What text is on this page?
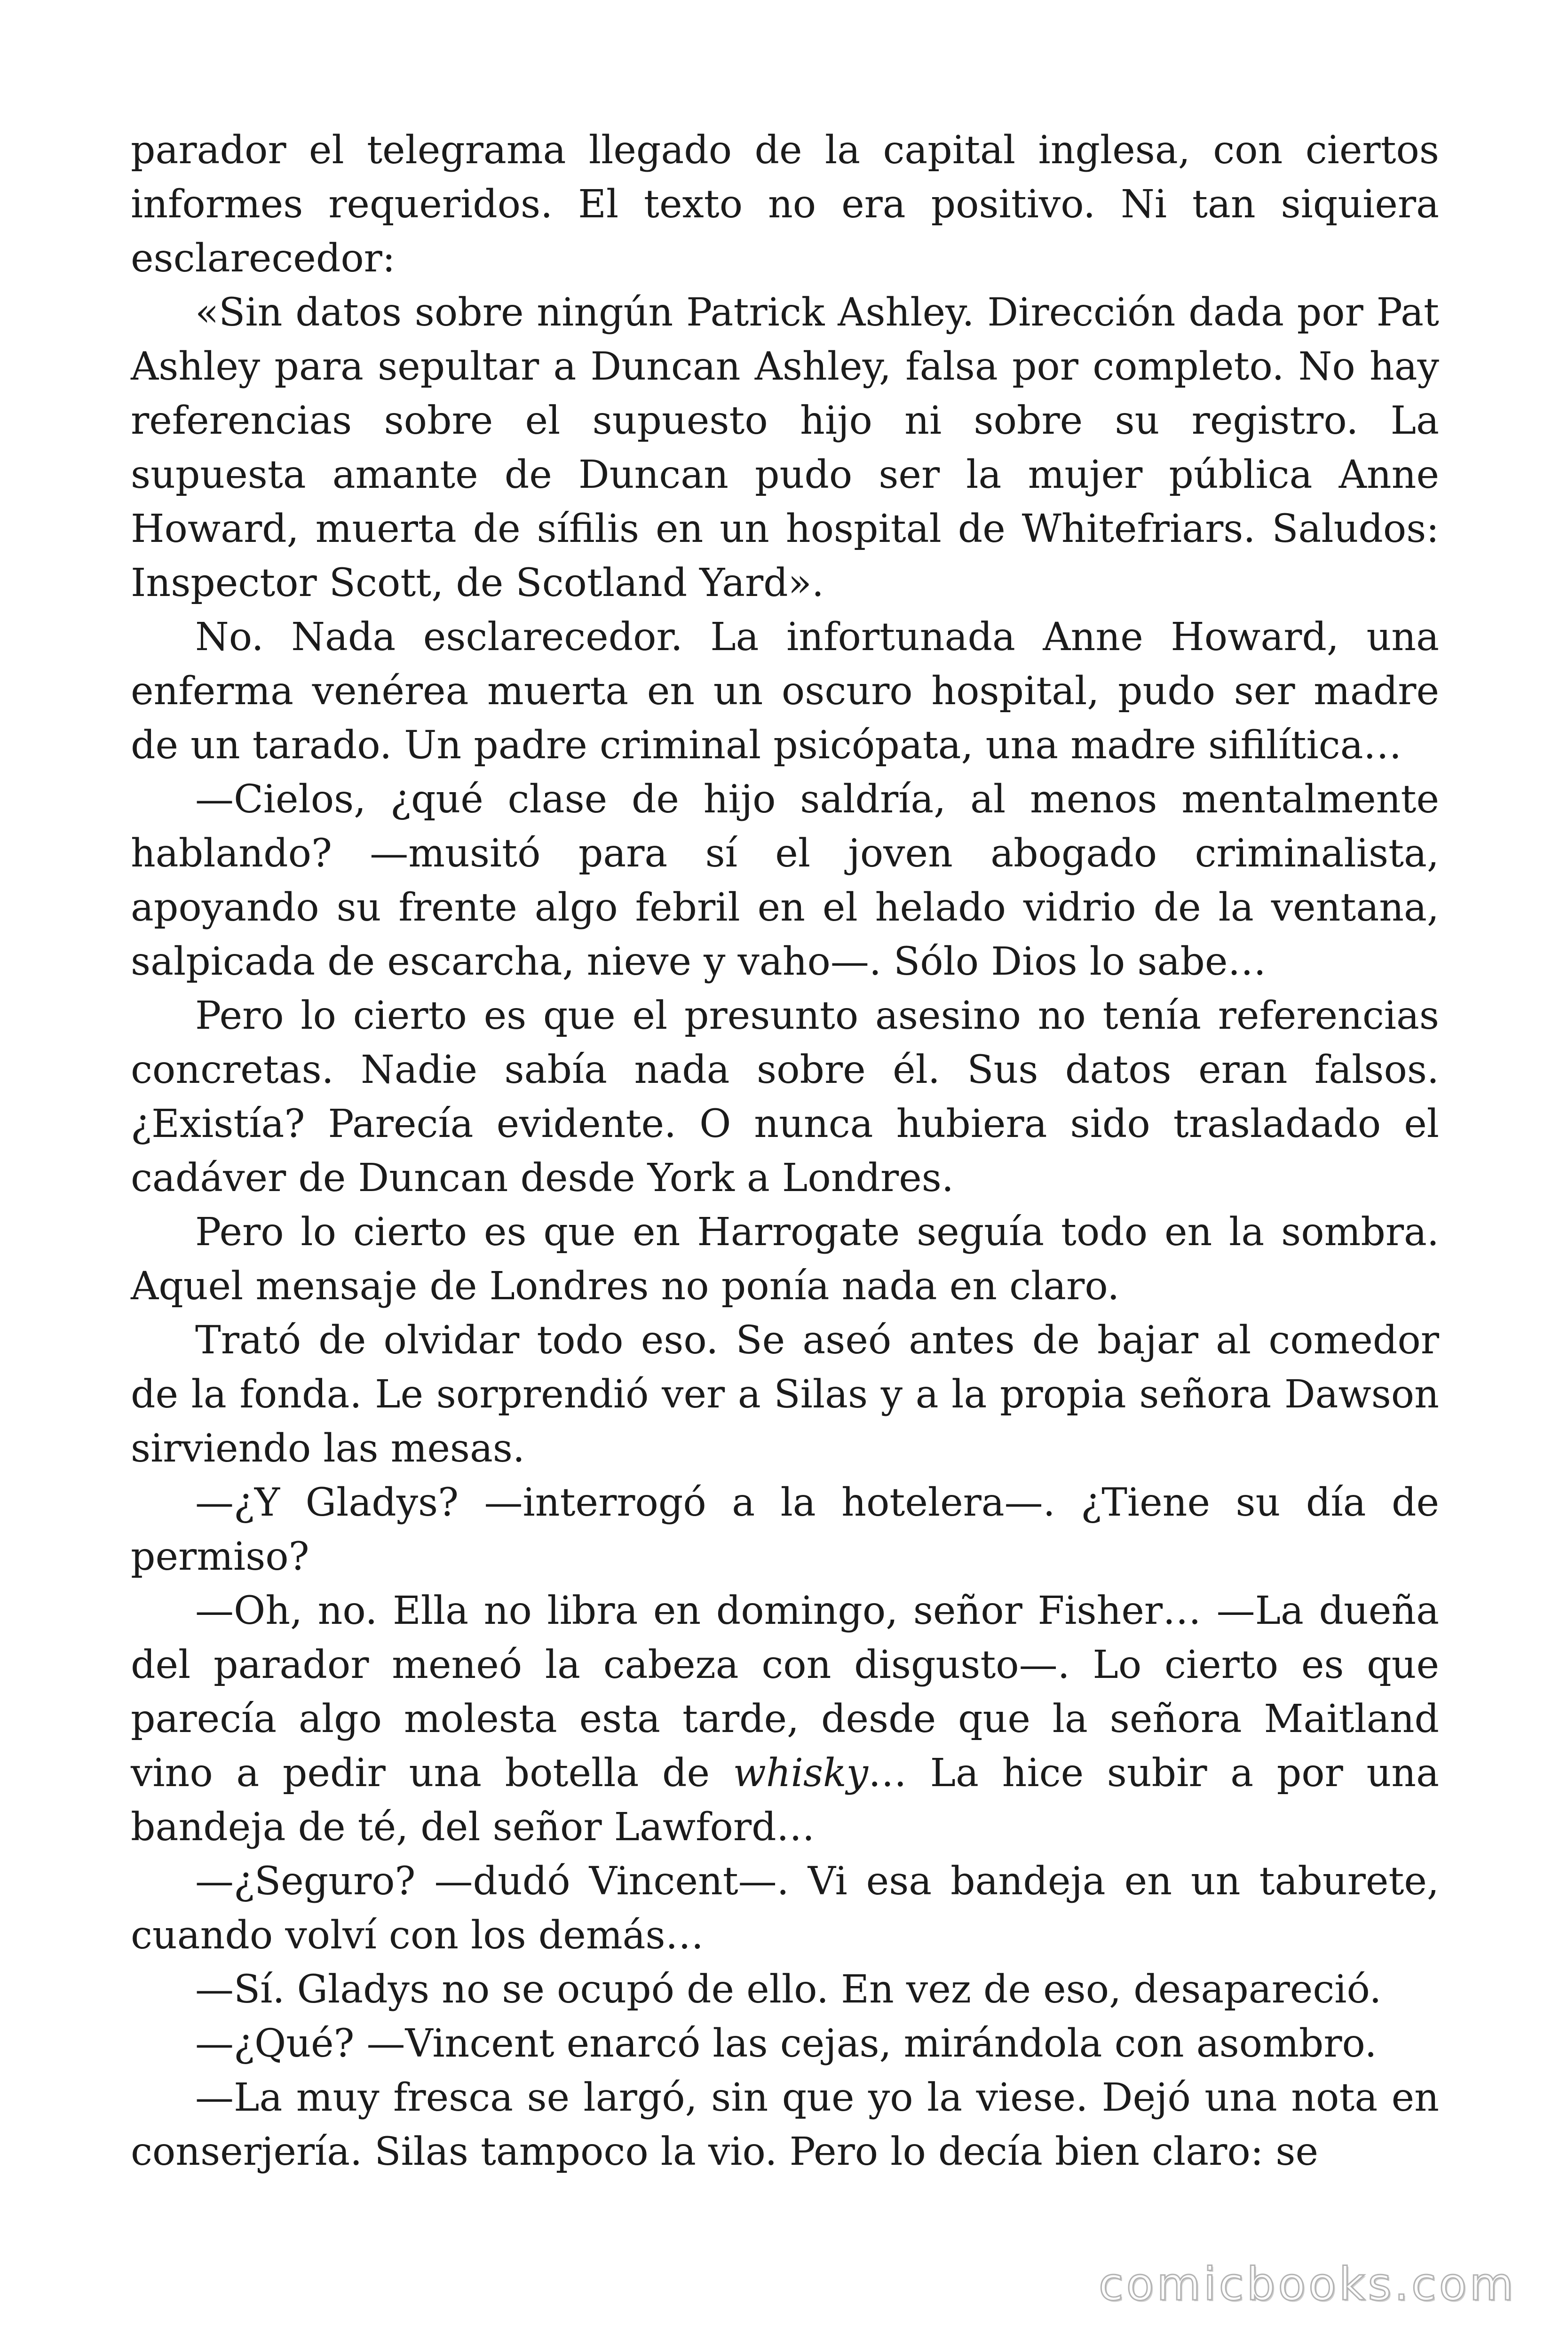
parador el telegrama llegado de la capital inglesa, con ciertos informes requeridos. El texto no era positivo. Ni tan siquiera esclarecedor:

«Sin datos sobre ningún Patrick Ashley. Dirección dada por Pat Ashley para sepultar a Duncan Ashley, falsa por completo. No hay referencias sobre el supuesto hijo ni sobre su registro. La supuesta amante de Duncan pudo ser la mujer pública Anne Howard, muerta de sífilis en un hospital de Whitefriars. Saludos: Inspector Scott, de Scotland Yard».

No. Nada esclarecedor. La infortunada Anne Howard, una enferma venérea muerta en un oscuro hospital, pudo ser madre de un tarado. Un padre criminal psicópata, una madre sifilítica…

—Cielos, ¿qué clase de hijo saldría, al menos mentalmente hablando? —musitó para sí el joven abogado criminalista, apoyando su frente algo febril en el helado vidrio de la ventana, salpicada de escarcha, nieve y vaho—. Sólo Dios lo sabe…

Pero lo cierto es que el presunto asesino no tenía referencias concretas. Nadie sabía nada sobre él. Sus datos eran falsos. ¿Existía? Parecía evidente. O nunca hubiera sido trasladado el cadáver de Duncan desde York a Londres.

Pero lo cierto es que en Harrogate seguía todo en la sombra. Aquel mensaje de Londres no ponía nada en claro.

Trató de olvidar todo eso. Se aseó antes de bajar al comedor de la fonda. Le sorprendió ver a Silas y a la propia señora Dawson sirviendo las mesas.

—¿Y Gladys? —interrogó a la hotelera—. ¿Tiene su día de permiso?

—Oh, no. Ella no libra en domingo, señor Fisher… —La dueña del parador meneó la cabeza con disgusto—. Lo cierto es que parecía algo molesta esta tarde, desde que la señora Maitland vino a pedir una botella de whisky… La hice subir a por una bandeja de té, del señor Lawford…

—¿Seguro? —dudó Vincent—. Vi esa bandeja en un taburete, cuando volví con los demás…

—Sí. Gladys no se ocupó de ello. En vez de eso, desapareció.

—¿Qué? —Vincent enarcó las cejas, mirándola con asombro.

—La muy fresca se largó, sin que yo la viese. Dejó una nota en conserjería. Silas tampoco la vio. Pero lo decía bien claro: se

comicbooks.com
